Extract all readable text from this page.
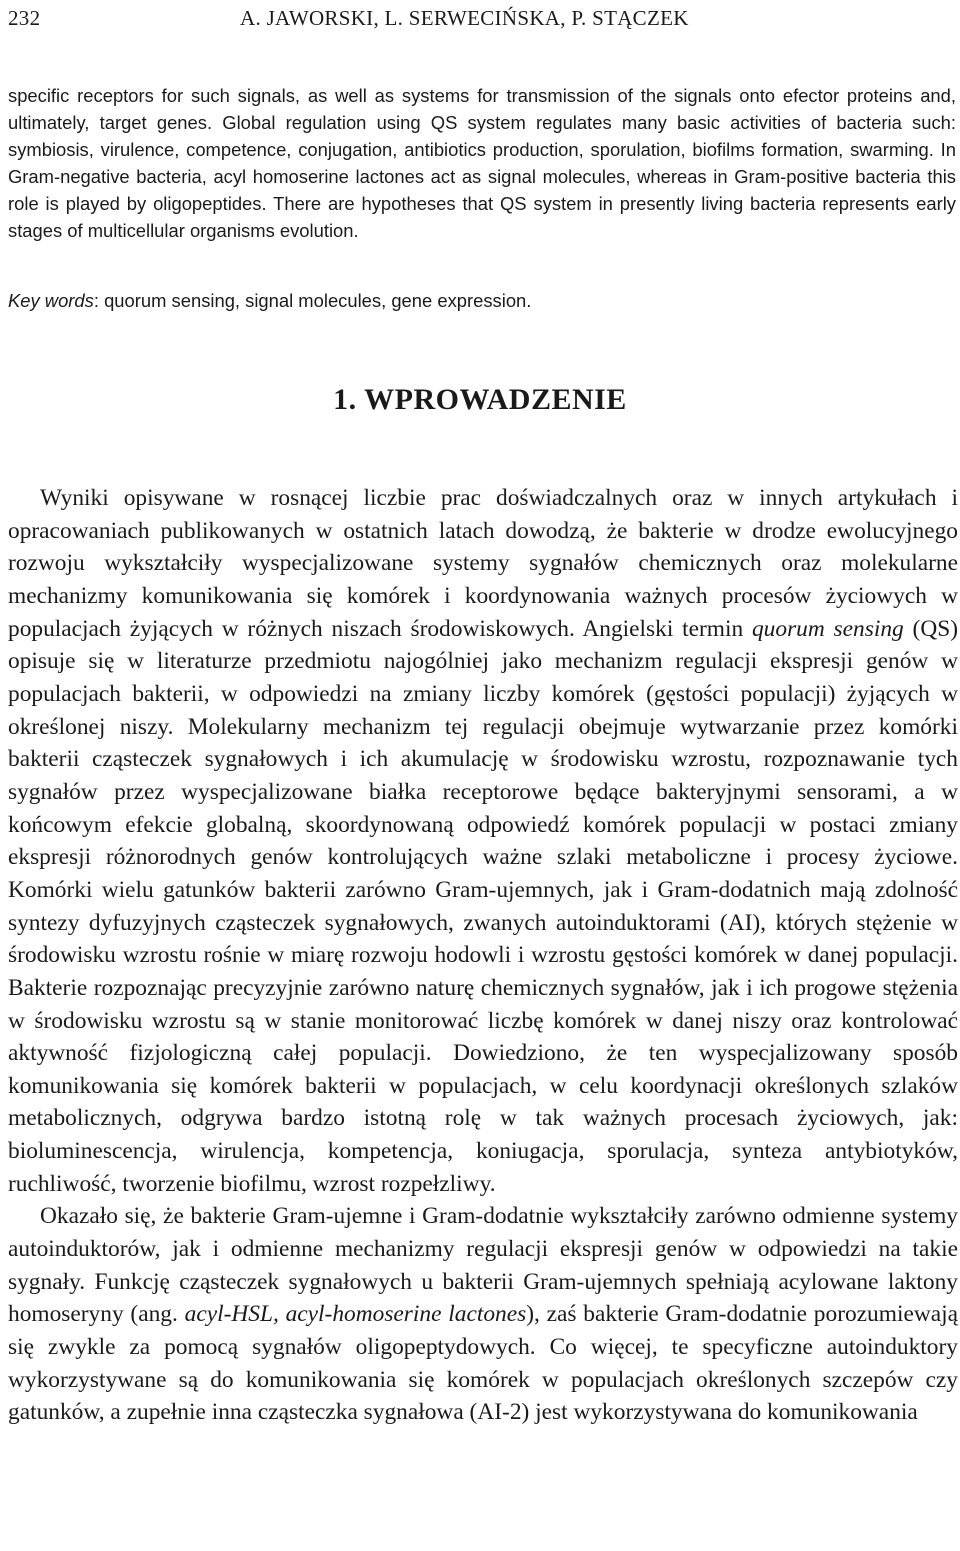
232	A. JAWORSKI, L. SERWECIŃSKA, P. STĄCZEK

specific receptors for such signals, as well as systems for transmission of the signals onto efector proteins and, ultimately, target genes. Global regulation using QS system regulates many basic activities of bacteria such: symbiosis, virulence, competence, conjugation, antibiotics production, sporulation, biofilms formation, swarming. In Gram-negative bacteria, acyl homoserine lactones act as signal molecules, whereas in Gram-positive bacteria this role is played by oligopeptides. There are hypotheses that QS system in presently living bacteria represents early stages of multicellular organisms evolution.

Key words: quorum sensing, signal molecules, gene expression.
1. WPROWADZENIE

Wyniki opisywane w rosnącej liczbie prac doświadczalnych oraz w innych artykułach i opracowaniach publikowanych w ostatnich latach dowodzą, że bakterie w drodze ewolucyjnego rozwoju wykształciły wyspecjalizowane systemy sygnałów chemicznych oraz molekularne mechanizmy komunikowania się komórek i koordynowania ważnych procesów życiowych w populacjach żyjących w różnych niszach środowiskowych. Angielski termin quorum sensing (QS) opisuje się w literaturze przedmiotu najogólniej jako mechanizm regulacji ekspresji genów w populacjach bakterii, w odpowiedzi na zmiany liczby komórek (gęstości populacji) żyjących w określonej niszy. Molekularny mechanizm tej regulacji obejmuje wytwarzanie przez komórki bakterii cząsteczek sygnałowych i ich akumulację w środowisku wzrostu, rozpoznawanie tych sygnałów przez wyspecjalizowane białka receptorowe będące bakteryjnymi sensorami, a w końcowym efekcie globalną, skoordynowaną odpowiedź komórek populacji w postaci zmiany ekspresji różnorodnych genów kontrolujących ważne szlaki metaboliczne i procesy życiowe. Komórki wielu gatunków bakterii zarówno Gram-ujemnych, jak i Gram-dodatnich mają zdolność syntezy dyfuzyjnych cząsteczek sygnałowych, zwanych autoinduktorami (AI), których stężenie w środowisku wzrostu rośnie w miarę rozwoju hodowli i wzrostu gęstości komórek w danej populacji. Bakterie rozpoznając precyzyjnie zarówno naturę chemicznych sygnałów, jak i ich progowe stężenia w środowisku wzrostu są w stanie monitorować liczbę komórek w danej niszy oraz kontrolować aktywność fizjologiczną całej populacji. Dowiedziono, że ten wyspecjalizowany sposób komunikowania się komórek bakterii w populacjach, w celu koordynacji określonych szlaków metabolicznych, odgrywa bardzo istotną rolę w tak ważnych procesach życiowych, jak: bioluminescencja, wirulencja, kompetencja, koniugacja, sporulacja, synteza antybiotyków, ruchliwość, tworzenie biofilmu, wzrost rozpełzliwy.

Okazało się, że bakterie Gram-ujemne i Gram-dodatnie wykształciły zarówno odmienne systemy autoinduktorów, jak i odmienne mechanizmy regulacji ekspresji genów w odpowiedzi na takie sygnały. Funkcję cząsteczek sygnałowych u bakterii Gram-ujemnych spełniają acylowane laktony homoseryny (ang. acyl-HSL, acyl-homoserine lactones), zaś bakterie Gram-dodatnie porozumiewają się zwykle za pomocą sygnałów oligopeptydowych. Co więcej, te specyficzne autoinduktory wykorzystywane są do komunikowania się komórek w populacjach określonych szczepów czy gatunków, a zupełnie inna cząsteczka sygnałowa (AI-2) jest wykorzystywana do komunikowania
